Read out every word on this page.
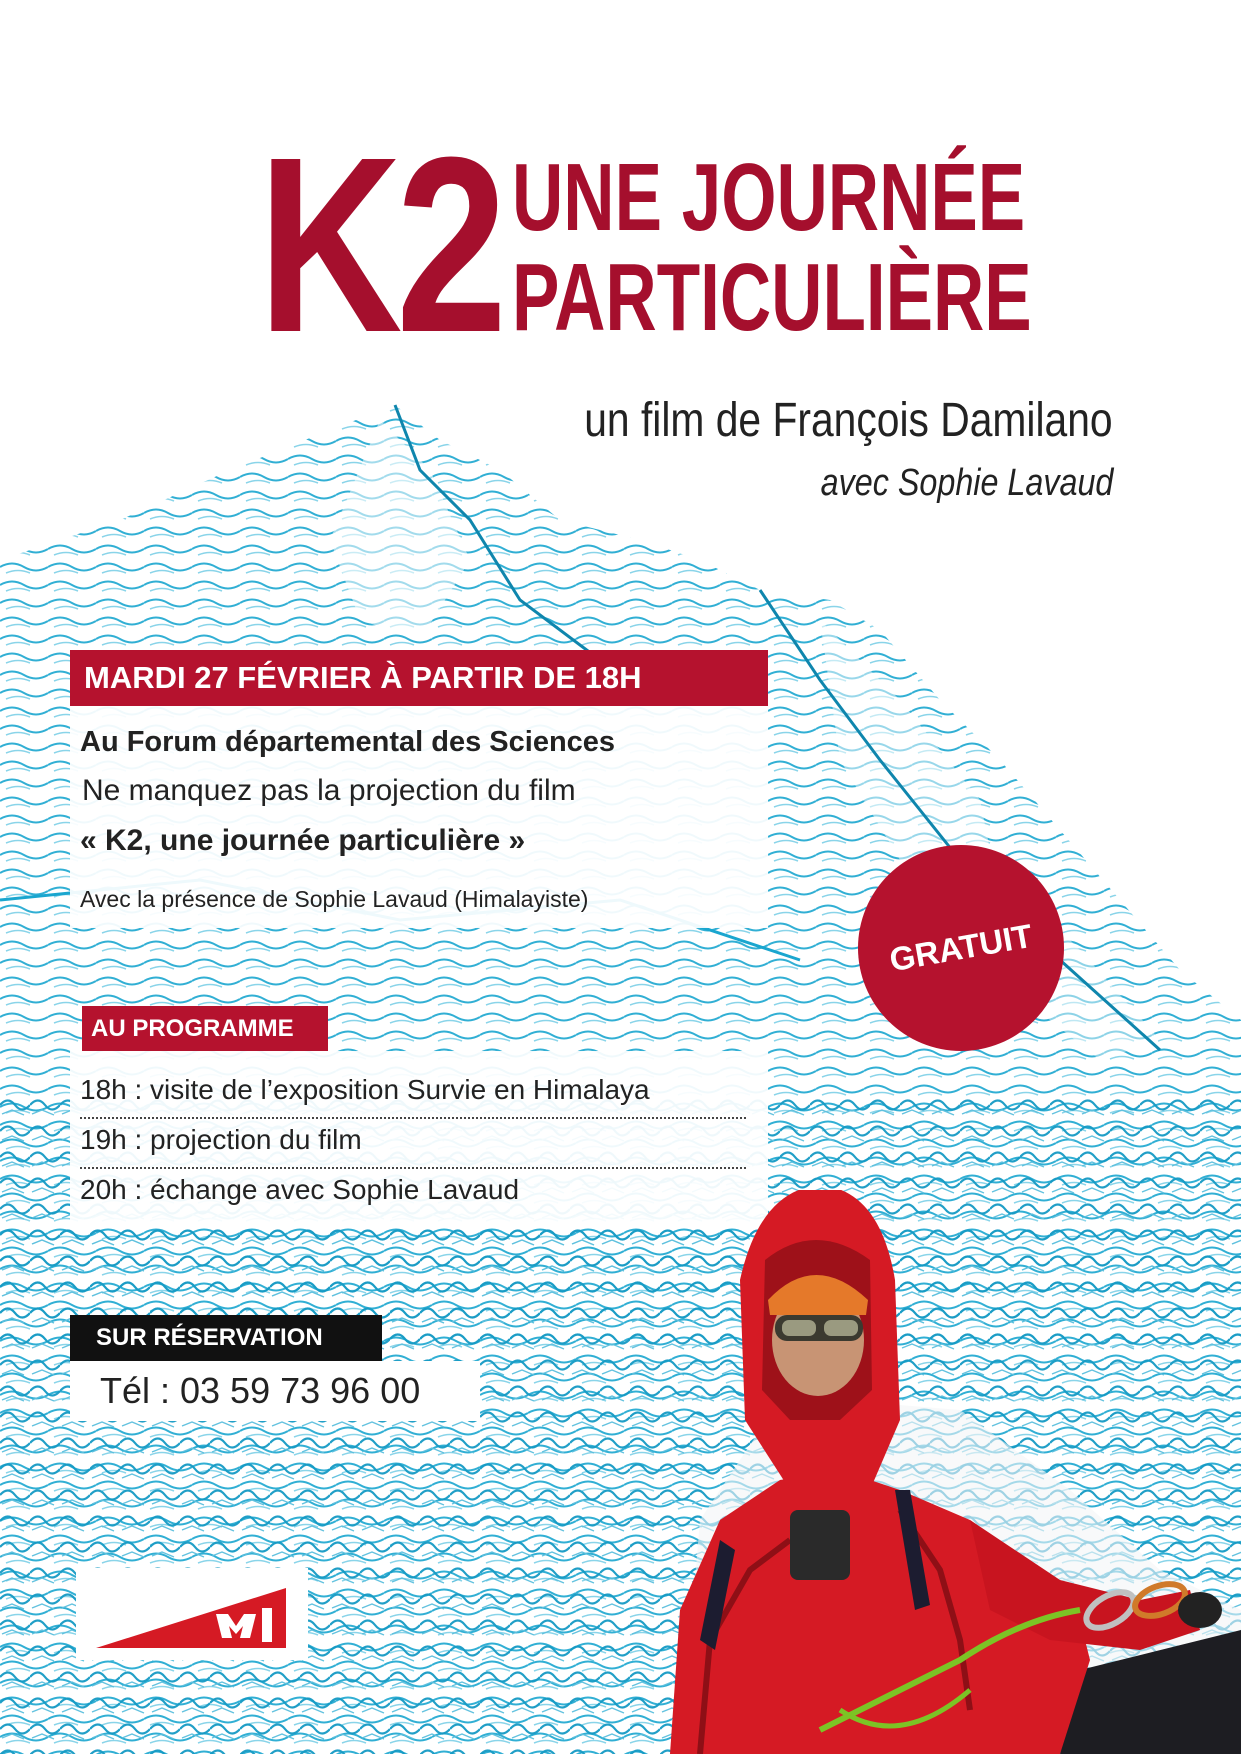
K2 UNE JOURNÉE
PARTICULIÈRE
un film de François Damilano
avec Sophie Lavaud
MARDI 27 FÉVRIER À PARTIR DE 18H
Au Forum départemental des Sciences
Ne manquez pas la projection du film
« K2, une journée particulière »
Avec la présence de Sophie Lavaud (Himalayiste)
GRATUIT
AU PROGRAMME
18h : visite de l’exposition Survie en Himalaya
19h : projection du film
20h : échange avec Sophie Lavaud
SUR RÉSERVATION
Tél : 03 59 73 96 00
